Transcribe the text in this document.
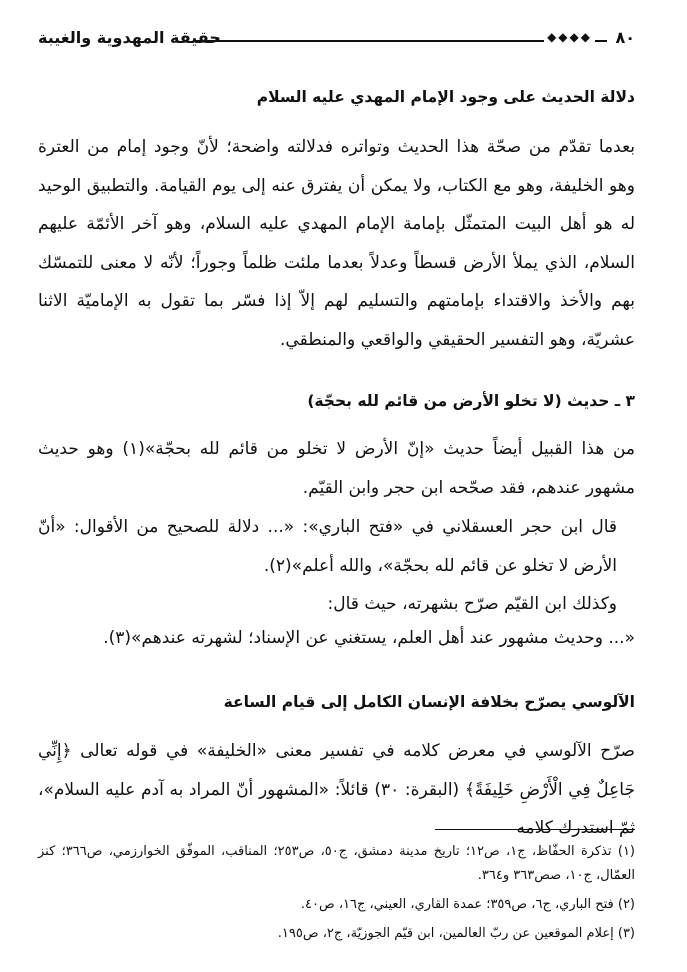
٨٠
◆◆◆◆
حقيقة المهدوية والغيبة
دلالة الحديث على وجود الإمام المهدي عليه السلام
بعدما تقدّم من صحّة هذا الحديث وتواتره فدلالته واضحة؛ لأنّ وجود إمام من العترة وهو الخليفة، وهو مع الكتاب، ولا يمكن أن يفترق عنه إلى يوم القيامة. والتطبيق الوحيد له هو أهل البيت المتمثّل بإمامة الإمام المهدي عليه السلام، وهو آخر الأئمّة عليهم السلام، الذي يملأ الأرض قسطاً وعدلاً بعدما ملئت ظلماً وجوراً؛ لأنّه لا معنى للتمسّك بهم والأخذ والاقتداء بإمامتهم والتسليم لهم إلاّ إذا فسّر بما تقول به الإماميّة الاثنا عشريّة، وهو التفسير الحقيقي والواقعي والمنطقي.
٣ ـ حديث (لا تخلو الأرض من قائم لله بحجّة)
من هذا القبيل أيضاً حديث «إنّ الأرض لا تخلو من قائم لله بحجّة»(١) وهو حديث مشهور عندهم، فقد صحّحه ابن حجر وابن القيّم.
قال ابن حجر العسقلاني في «فتح الباري»: «... دلالة للصحيح من الأقوال: «أنّ الأرض لا تخلو عن قائم لله بحجّة»، والله أعلم»(٢).
وكذلك ابن القيّم صرّح بشهرته، حيث قال:
«... وحديث مشهور عند أهل العلم، يستغني عن الإسناد؛ لشهرته عندهم»(٣).
الآلوسي يصرّح بخلافة الإنسان الكامل إلى قيام الساعة
صرّح الآلوسي في معرض كلامه في تفسير معنى «الخليفة» في قوله تعالى ﴿إِنِّي جَاعِلٌ فِي الْأَرْضِ خَلِيفَةً﴾ (البقرة: ٣٠) قائلاً: «المشهور أنّ المراد به آدم عليه السلام»، ثمّ استدرك كلامه
(١) تذكرة الحفّاظ، ج١، ص١٢؛ تاريخ مدينة دمشق، ج٥٠، ص٢٥٣؛ المناقب، الموفّق الخوارزمي، ص٣٦٦؛ كنز العمّال، ج١٠، صص٣٦٣ و٣٦٤.
(٢) فتح الباري، ج٦، ص٣٥٩؛ عمدة القاري، العيني، ج١٦، ص٤٠.
(٣) إعلام الموقعين عن ربّ العالمين، ابن قيّم الجوزيّة، ج٢، ص١٩٥.
